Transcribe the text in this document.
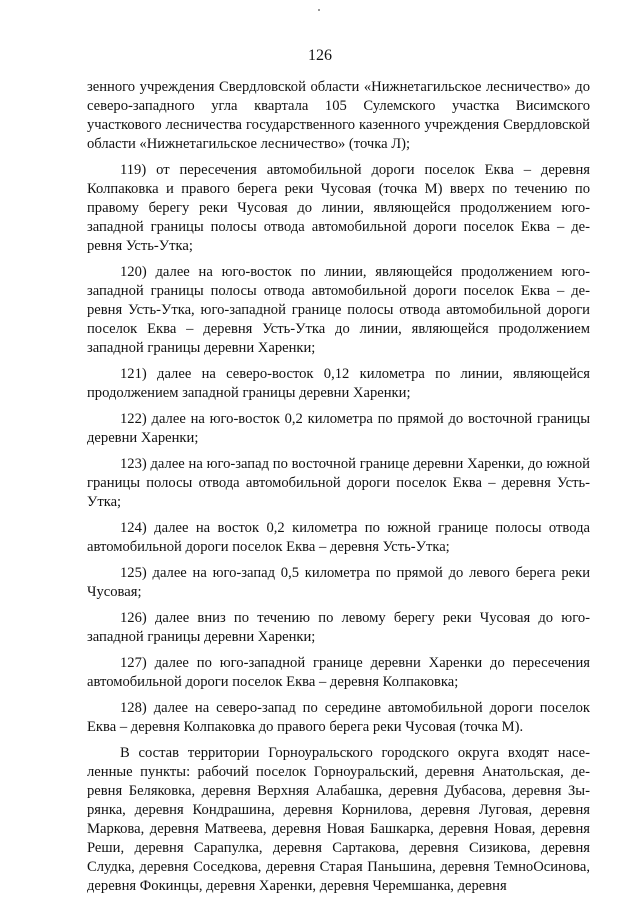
126

зенного учреждения Свердловской области «Нижнетагильское лесничество» до северо-западного угла квартала 105 Сулемского участка Висимского участкового лесничества государственного казенного учреждения Свердловской области «Нижнетагильское лесничество» (точка Л);

119) от пересечения автомобильной дороги поселок Еква – деревня Колпаковка и правого берега реки Чусовая (точка М) вверх по течению по правому берегу реки Чусовая до линии, являющейся продолжением юго-западной границы полосы отвода автомобильной дороги поселок Еква – деревня Усть-Утка;

120) далее на юго-восток по линии, являющейся продолжением юго-западной границы полосы отвода автомобильной дороги поселок Еква – деревня Усть-Утка, юго-западной границе полосы отвода автомобильной дороги поселок Еква – деревня Усть-Утка до линии, являющейся продолжением западной границы деревни Харенки;

121) далее на северо-восток 0,12 километра по линии, являющейся продолжением западной границы деревни Харенки;

122) далее на юго-восток 0,2 километра по прямой до восточной границы деревни Харенки;

123) далее на юго-запад по восточной границе деревни Харенки, до южной границы полосы отвода автомобильной дороги поселок Еква – деревня Усть-Утка;

124) далее на восток 0,2 километра по южной границе полосы отвода автомобильной дороги поселок Еква – деревня Усть-Утка;

125) далее на юго-запад 0,5 километра по прямой до левого берега реки Чусовая;

126) далее вниз по течению по левому берегу реки Чусовая до юго-западной границы деревни Харенки;

127) далее по юго-западной границе деревни Харенки до пересечения автомобильной дороги поселок Еква – деревня Колпаковка;

128) далее на северо-запад по середине автомобильной дороги поселок Еква – деревня Колпаковка до правого берега реки Чусовая (точка М).

В состав территории Горноуральского городского округа входят населенные пункты: рабочий поселок Горноуральский, деревня Анатольская, деревня Беляковка, деревня Верхняя Алабашка, деревня Дубасова, деревня Зырянка, деревня Кондрашина, деревня Корнилова, деревня Луговая, деревня Маркова, деревня Матвеева, деревня Новая Башкарка, деревня Новая, деревня Реши, деревня Сарапулка, деревня Сартакова, деревня Сизикова, деревня Слудка, деревня Соседкова, деревня Старая Паньшина, деревня ТемноОсинова, деревня Фокинцы, деревня Харенки, деревня Черемшанка, деревня
